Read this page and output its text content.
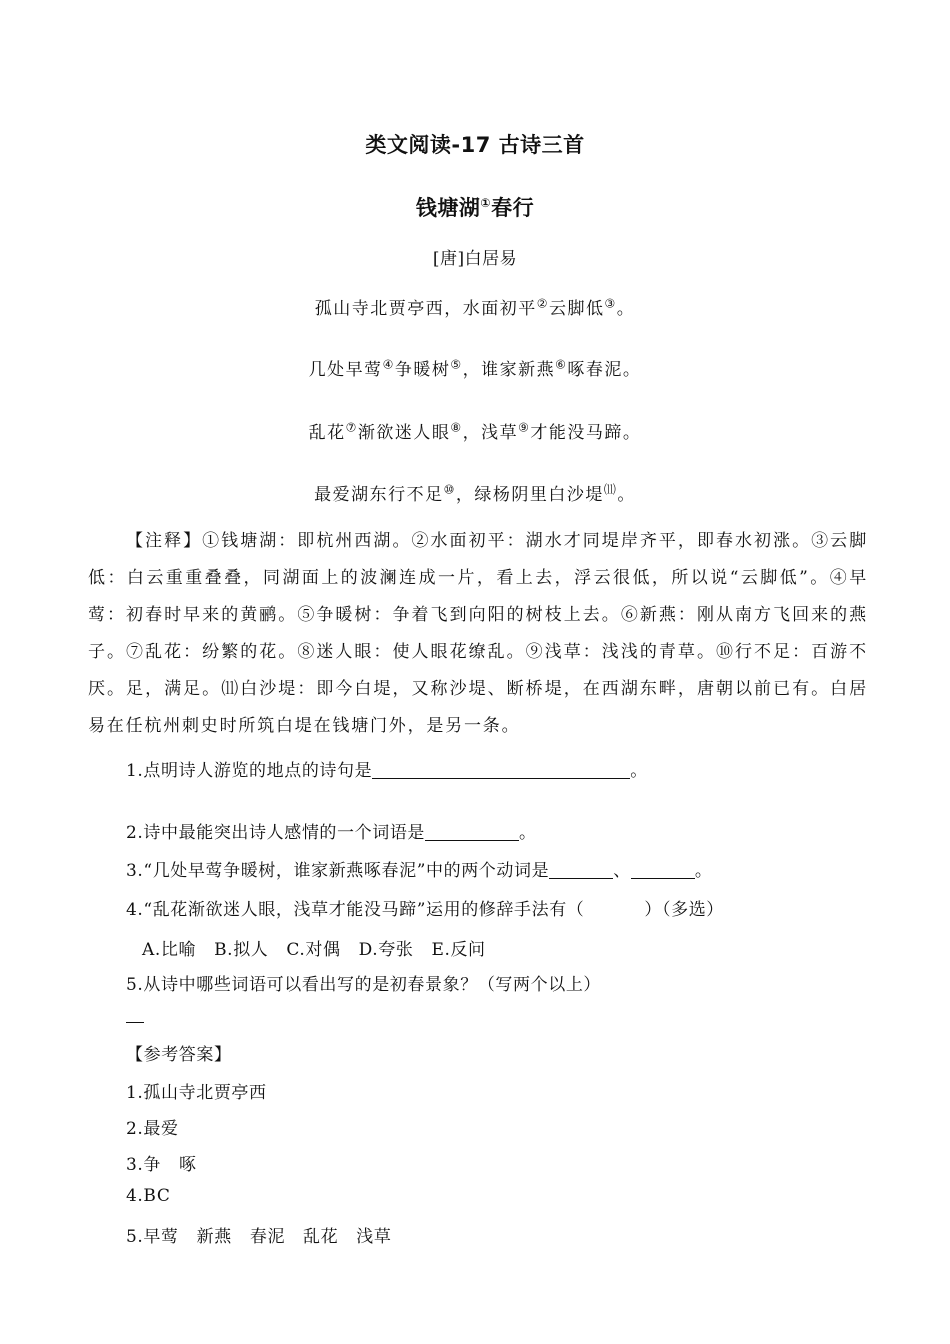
类文阅读-17 古诗三首
钱塘湖①春行
[唐]白居易
孤山寺北贾亭西，水面初平②云脚低③。
几处早莺④争暖树⑤，谁家新燕⑥啄春泥。
乱花⑦渐欲迷人眼⑧，浅草⑨才能没马蹄。
最爱湖东行不足⑩，绿杨阴里白沙堤⑾。
【注释】①钱塘湖：即杭州西湖。②水面初平：湖水才同堤岸齐平，即春水初涨。③云脚低：白云重重叠叠，同湖面上的波澜连成一片，看上去，浮云很低，所以说“云脚低”。④早莺：初春时早来的黄鹂。⑤争暖树：争着飞到向阳的树枝上去。⑥新燕：刚从南方飞回来的燕子。⑦乱花：纷繁的花。⑧迷人眼：使人眼花缭乱。⑨浅草：浅浅的青草。⑩行不足：百游不厌。足，满足。⑾白沙堤：即今白堤，又称沙堤、断桥堤，在西湖东畔，唐朝以前已有。白居易在任杭州刺史时所筑白堤在钱塘门外，是另一条。
1.点明诗人游览的地点的诗句是	。
2.诗中最能突出诗人感情的一个词语是	。
3.“几处早莺争暖树，谁家新燕啄春泥”中的两个动词是	、	。
4.“乱花渐欲迷人眼，浅草才能没马蹄”运用的修辞手法有（	）（多选）
A.比喻 B.拟人 C.对偶 D.夸张 E.反问
5.从诗中哪些词语可以看出写的是初春景象？（写两个以上）
【参考答案】
1.孤山寺北贾亭西
2.最爱
3.争   啄
4.BC
5.早莺   新燕   春泥   乱花   浅草
